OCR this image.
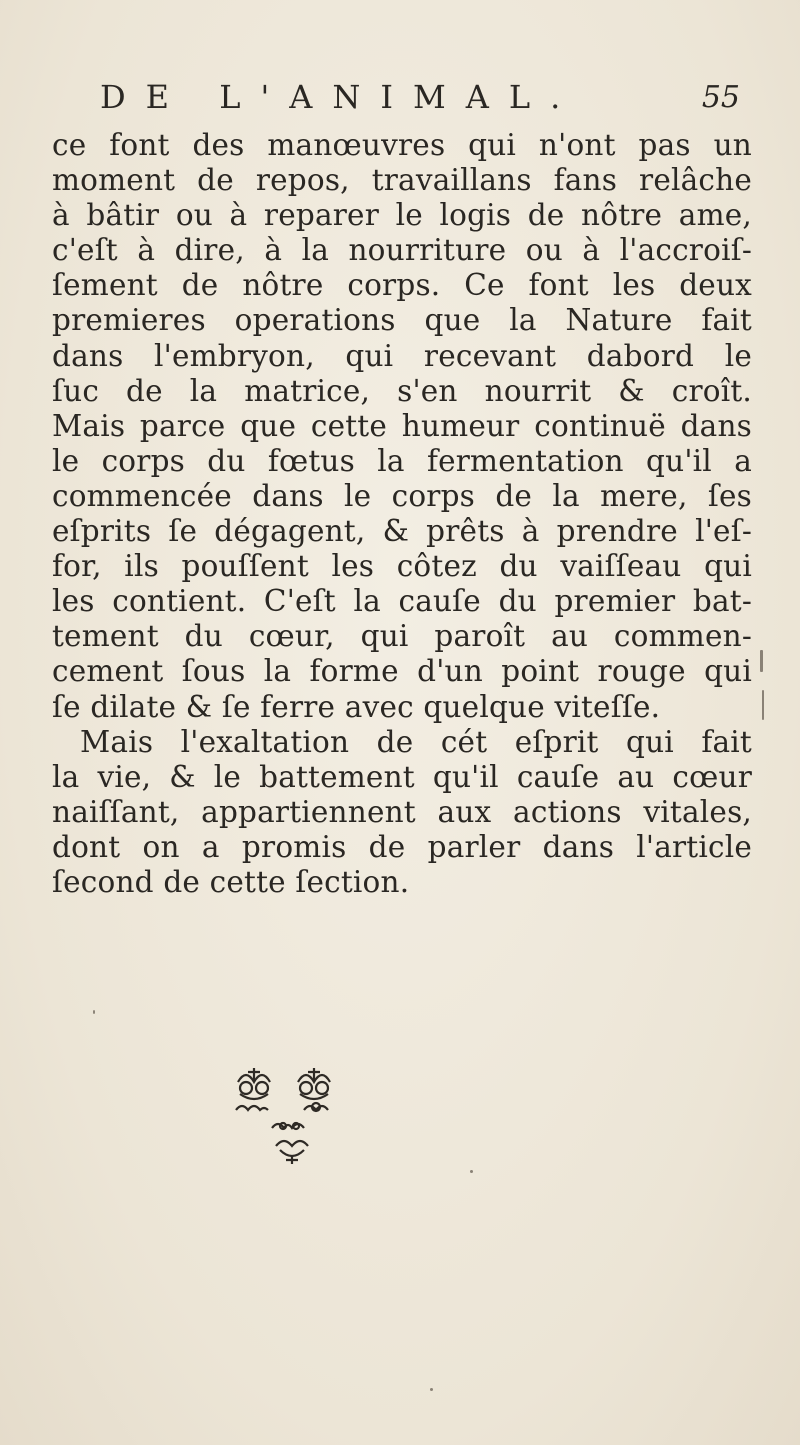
DE L'ANIMAL.	55
ce font des manœuvres qui n'ont pas un
moment de repos, travaillans fans relâche
à bâtir ou à reparer le logis de nôtre ame,
c'eſt à dire, à la nourriture ou à l'accroiſ-
ſement de nôtre corps. Ce font les deux
premieres operations que la Nature fait
dans l'embryon, qui recevant dabord le
ſuc de la matrice, s'en nourrit & croît.
Mais parce que cette humeur continuë dans
le corps du fœtus la fermentation qu'il a
commencée dans le corps de la mere, ſes
eſprits ſe dégagent, & prêts à prendre l'eſ-
for, ils pouſſent les côtez du vaiſſeau qui
les contient. C'eſt la cauſe du premier bat-
tement du cœur, qui paroît au commen-
cement ſous la forme d'un point rouge qui
ſe dilate & ſe ferre avec quelque viteſſe.
Mais l'exaltation de cét eſprit qui fait
la vie, & le battement qu'il cauſe au cœur
naiſſant, appartiennent aux actions vitales,
dont on a promis de parler dans l'article
ſecond de cette ſection.
